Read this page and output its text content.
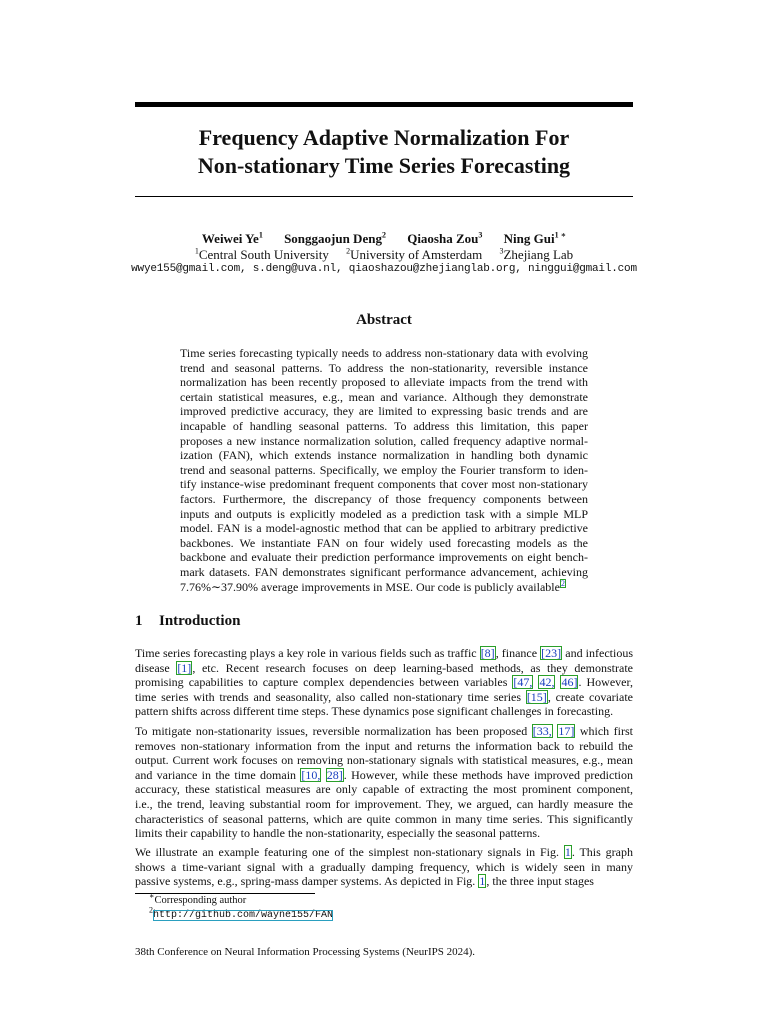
Frequency Adaptive Normalization For
Non-stationary Time Series Forecasting
Weiwei Ye$^1$ Songgaojun Deng$^2$ Qiaosha Zou$^3$ Ning Gui$^{1 ∗}$
$^1$Central South University $^2$University of Amsterdam $^3$Zhejiang Lab
wwye155@gmail.com, s.deng@uva.nl, qiaoshazou@zhejianglab.org, ninggui@gmail.com
Abstract
Time series forecasting typically needs to address non-stationary data with evolving
trend and seasonal patterns. To address the non-stationarity, reversible instance
normalization has been recently proposed to alleviate impacts from the trend with
certain statistical measures, e.g., mean and variance. Although they demonstrate
improved predictive accuracy, they are limited to expressing basic trends and are
incapable of handling seasonal patterns. To address this limitation, this paper
proposes a new instance normalization solution, called frequency adaptive normal-
ization (FAN), which extends instance normalization in handling both dynamic
trend and seasonal patterns. Specifically, we employ the Fourier transform to iden-
tify instance-wise predominant frequent components that cover most non-stationary
factors. Furthermore, the discrepancy of those frequency components between
inputs and outputs is explicitly modeled as a prediction task with a simple MLP
model. FAN is a model-agnostic method that can be applied to arbitrary predictive
backbones. We instantiate FAN on four widely used forecasting models as the
backbone and evaluate their prediction performance improvements on eight bench-
mark datasets. FAN demonstrates significant performance advancement, achieving
7.76%∼37.90% average improvements in MSE. Our code is publicly available$^2$
1 Introduction
Time series forecasting plays a key role in various fields such as traffic [8], finance [23] and infectious
disease [1], etc. Recent research focuses on deep learning-based methods, as they demonstrate
promising capabilities to capture complex dependencies between variables [47, 42, 46]. However,
time series with trends and seasonality, also called non-stationary time series [15], create covariate
pattern shifts across different time steps. These dynamics pose significant challenges in forecasting.
To mitigate non-stationarity issues, reversible normalization has been proposed [33, 17] which first
removes non-stationary information from the input and returns the information back to rebuild the
output. Current work focuses on removing non-stationary signals with statistical measures, e.g., mean
and variance in the time domain [10, 28]. However, while these methods have improved prediction
accuracy, these statistical measures are only capable of extracting the most prominent component,
i.e., the trend, leaving substantial room for improvement. They, we argued, can hardly measure the
characteristics of seasonal patterns, which are quite common in many time series. This significantly
limits their capability to handle the non-stationarity, especially the seasonal patterns.
We illustrate an example featuring one of the simplest non-stationary signals in Fig. 1. This graph
shows a time-variant signal with a gradually damping frequency, which is widely seen in many
passive systems, e.g., spring-mass damper systems. As depicted in Fig. 1, the three input stages
∗Corresponding author
$^2$http://github.com/wayne155/FAN
38th Conference on Neural Information Processing Systems (NeurIPS 2024).
